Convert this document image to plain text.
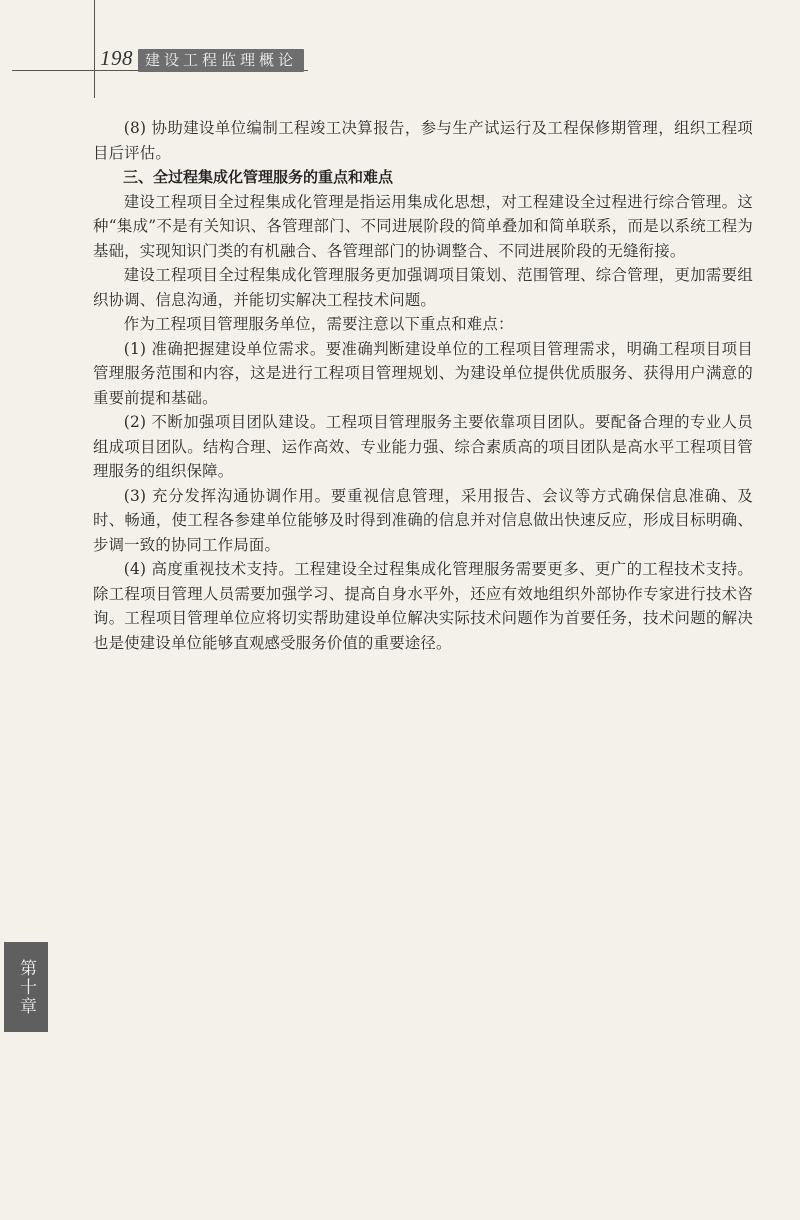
198 建设工程监理概论

(8) 协助建设单位编制工程竣工决算报告，参与生产试运行及工程保修期管理，组织工程项目后评估。

三、全过程集成化管理服务的重点和难点

建设工程项目全过程集成化管理是指运用集成化思想，对工程建设全过程进行综合管理。这种“集成”不是有关知识、各管理部门、不同进展阶段的简单叠加和简单联系，而是以系统工程为基础，实现知识门类的有机融合、各管理部门的协调整合、不同进展阶段的无缝衔接。

建设工程项目全过程集成化管理服务更加强调项目策划、范围管理、综合管理，更加需要组织协调、信息沟通，并能切实解决工程技术问题。

作为工程项目管理服务单位，需要注意以下重点和难点：

(1) 准确把握建设单位需求。要准确判断建设单位的工程项目管理需求，明确工程项目项目管理服务范围和内容，这是进行工程项目管理规划、为建设单位提供优质服务、获得用户满意的重要前提和基础。

(2) 不断加强项目团队建设。工程项目管理服务主要依靠项目团队。要配备合理的专业人员组成项目团队。结构合理、运作高效、专业能力强、综合素质高的项目团队是高水平工程项目管理服务的组织保障。

(3) 充分发挥沟通协调作用。要重视信息管理，采用报告、会议等方式确保信息准确、及时、畅通，使工程各参建单位能够及时得到准确的信息并对信息做出快速反应，形成目标明确、步调一致的协同工作局面。

(4) 高度重视技术支持。工程建设全过程集成化管理服务需要更多、更广的工程技术支持。除工程项目管理人员需要加强学习、提高自身水平外，还应有效地组织外部协作专家进行技术咨询。工程项目管理单位应将切实帮助建设单位解决实际技术问题作为首要任务，技术问题的解决也是使建设单位能够直观感受服务价值的重要途径。

第十章
